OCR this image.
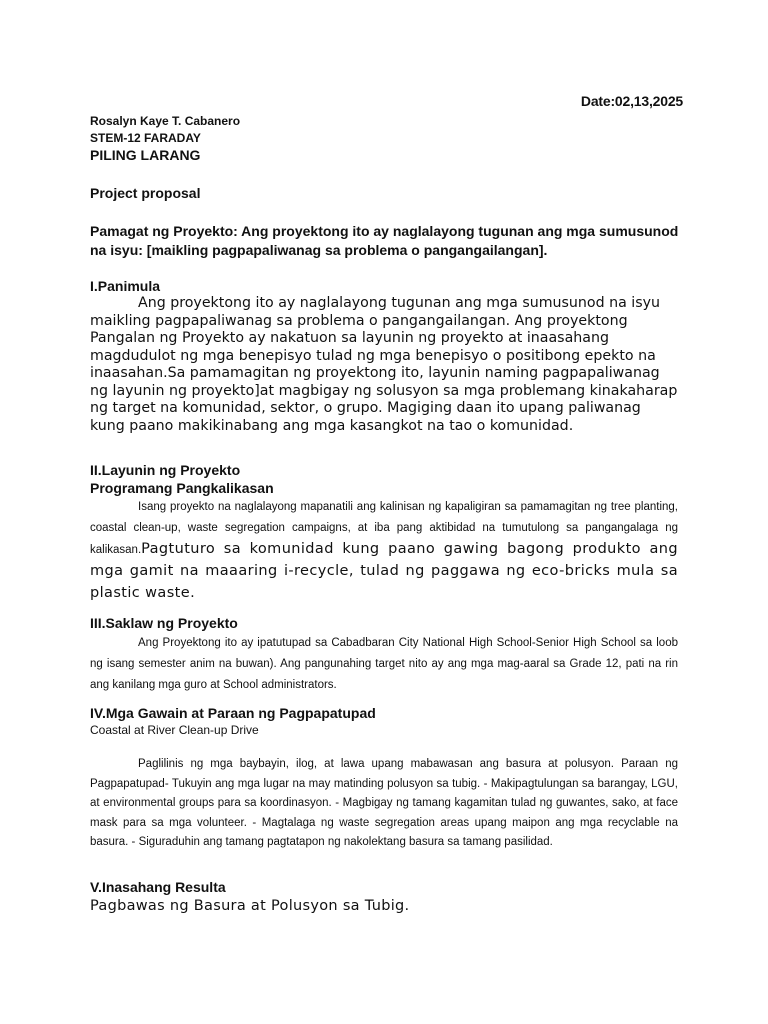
Date:02,13,2025
Rosalyn Kaye T. Cabanero
STEM-12 FARADAY
PILING LARANG
Project proposal
Pamagat ng Proyekto: Ang proyektong ito ay naglalayong tugunan ang mga sumusunod na isyu: [maikling pagpapaliwanag sa problema o pangangailangan].
I.Panimula
Ang proyektong ito ay naglalayong tugunan ang mga sumusunod na isyu maikling pagpapaliwanag sa problema o pangangailangan. Ang proyektong Pangalan ng Proyekto ay nakatuon sa layunin ng proyekto at inaasahang magdudulot ng mga benepisyo tulad ng mga benepisyo o positibong epekto na inaasahan.Sa pamamagitan ng proyektong ito, layunin naming pagpapaliwanag ng layunin ng proyekto]at magbigay ng solusyon sa mga problemang kinakaharap ng target na komunidad, sektor, o grupo. Magiging daan ito upang paliwanag kung paano makikinabang ang mga kasangkot na tao o komunidad.
II.Layunin ng Proyekto
Programang Pangkalikasan
Isang proyekto na naglalayong mapanatili ang kalinisan ng kapaligiran sa pamamagitan ng tree planting, coastal clean-up, waste segregation campaigns, at iba pang aktibidad na tumutulong sa pangangalaga ng kalikasan.Pagtuturo sa komunidad kung paano gawing bagong produkto ang mga gamit na maaaring i-recycle, tulad ng paggawa ng eco-bricks mula sa plastic waste.
III.Saklaw ng Proyekto
Ang Proyektong ito ay ipatutupad sa Cabadbaran City National High School-Senior High School sa loob ng isang semester anim na buwan). Ang pangunahing target nito ay ang mga mag-aaral sa Grade 12, pati na rin ang kanilang mga guro at School administrators.
IV.Mga Gawain at Paraan ng Pagpapatupad
Coastal at River Clean-up Drive
Paglilinis ng mga baybayin, ilog, at lawa upang mabawasan ang basura at polusyon. Paraan ng Pagpapatupad- Tukuyin ang mga lugar na may matinding polusyon sa tubig. - Makipagtulungan sa barangay, LGU, at environmental groups para sa koordinasyon. - Magbigay ng tamang kagamitan tulad ng guwantes, sako, at face mask para sa mga volunteer. - Magtalaga ng waste segregation areas upang maipon ang mga recyclable na basura. - Siguraduhin ang tamang pagtatapon ng nakolektang basura sa tamang pasilidad.
V.Inasahang Resulta
Pagbawas ng Basura at Polusyon sa Tubig.
